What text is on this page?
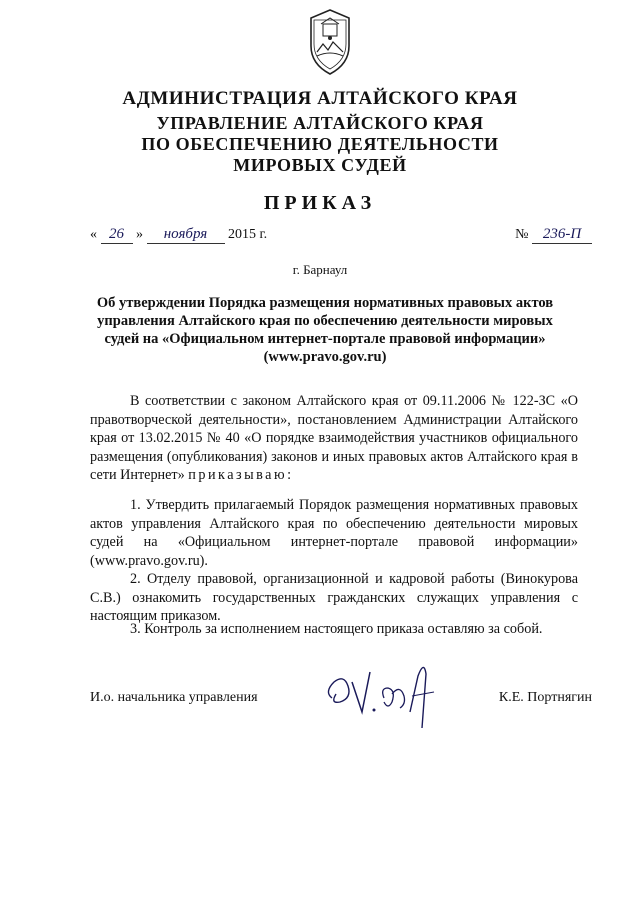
АДМИНИСТРАЦИЯ АЛТАЙСКОГО КРАЯ
УПРАВЛЕНИЕ АЛТАЙСКОГО КРАЯ
ПО ОБЕСПЕЧЕНИЮ ДЕЯТЕЛЬНОСТИ
МИРОВЫХ СУДЕЙ
ПРИКАЗ
« 26 » ноября 2015 г.	№ 236-П
г. Барнаул
Об утверждении Порядка размещения нормативных правовых актов управления Алтайского края по обеспечению деятельности мировых судей на «Официальном интернет-портале правовой информации» (www.pravo.gov.ru)
В соответствии с законом Алтайского края от 09.11.2006 № 122-ЗС «О правотворческой деятельности», постановлением Администрации Алтайского края от 13.02.2015 № 40 «О порядке взаимодействия участников официального размещения (опубликования) законов и иных правовых актов Алтайского края в сети Интернет» приказываю:
1. Утвердить прилагаемый Порядок размещения нормативных правовых актов управления Алтайского края по обеспечению деятельности мировых судей на «Официальном интернет-портале правовой информации» (www.pravo.gov.ru).
2. Отделу правовой, организационной и кадровой работы (Винокурова С.В.) ознакомить государственных гражданских служащих управления с настоящим приказом.
3. Контроль за исполнением настоящего приказа оставляю за собой.
И.о. начальника управления	К.Е. Портнягин
